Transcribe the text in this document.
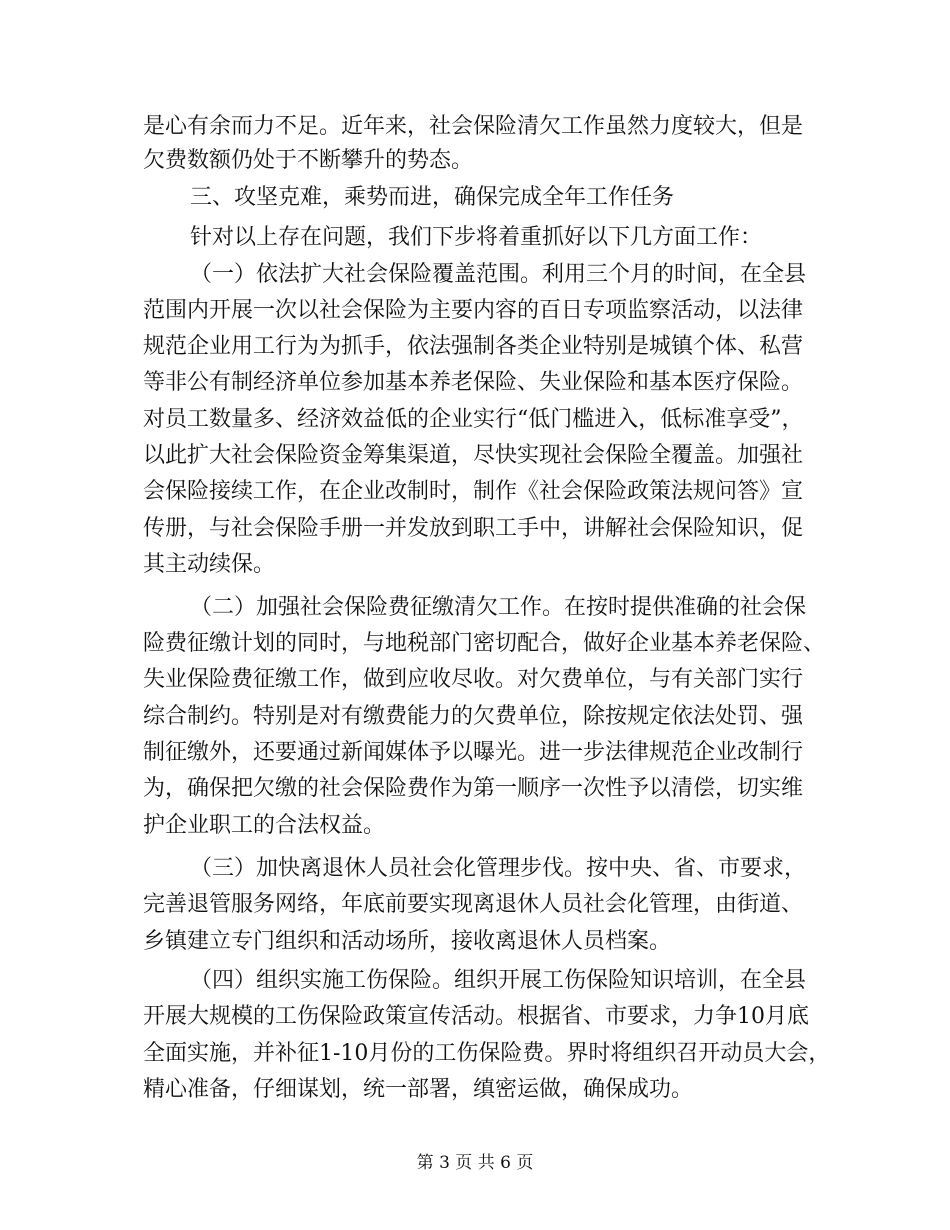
是心有余而力不足。近年来，社会保险清欠工作虽然力度较大，但是
欠费数额仍处于不断攀升的势态。
三、攻坚克难，乘势而进，确保完成全年工作任务
针对以上存在问题，我们下步将着重抓好以下几方面工作：
（一）依法扩大社会保险覆盖范围。利用三个月的时间，在全县
范围内开展一次以社会保险为主要内容的百日专项监察活动，以法律
规范企业用工行为为抓手，依法强制各类企业特别是城镇个体、私营
等非公有制经济单位参加基本养老保险、失业保险和基本医疗保险。
对员工数量多、经济效益低的企业实行“低门槛进入，低标准享受”，
以此扩大社会保险资金筹集渠道，尽快实现社会保险全覆盖。加强社
会保险接续工作，在企业改制时，制作《社会保险政策法规问答》宣
传册，与社会保险手册一并发放到职工手中，讲解社会保险知识，促
其主动续保。
（二）加强社会保险费征缴清欠工作。在按时提供准确的社会保
险费征缴计划的同时，与地税部门密切配合，做好企业基本养老保险、
失业保险费征缴工作，做到应收尽收。对欠费单位，与有关部门实行
综合制约。特别是对有缴费能力的欠费单位，除按规定依法处罚、强
制征缴外，还要通过新闻媒体予以曝光。进一步法律规范企业改制行
为，确保把欠缴的社会保险费作为第一顺序一次性予以清偿，切实维
护企业职工的合法权益。
（三）加快离退休人员社会化管理步伐。按中央、省、市要求，
完善退管服务网络，年底前要实现离退休人员社会化管理，由街道、
乡镇建立专门组织和活动场所，接收离退休人员档案。
（四）组织实施工伤保险。组织开展工伤保险知识培训，在全县
开展大规模的工伤保险政策宣传活动。根据省、市要求，力争10月底
全面实施，并补征1-10月份的工伤保险费。界时将组织召开动员大会，
精心准备，仔细谋划，统一部署，缜密运做，确保成功。
第 3 页 共 6 页
